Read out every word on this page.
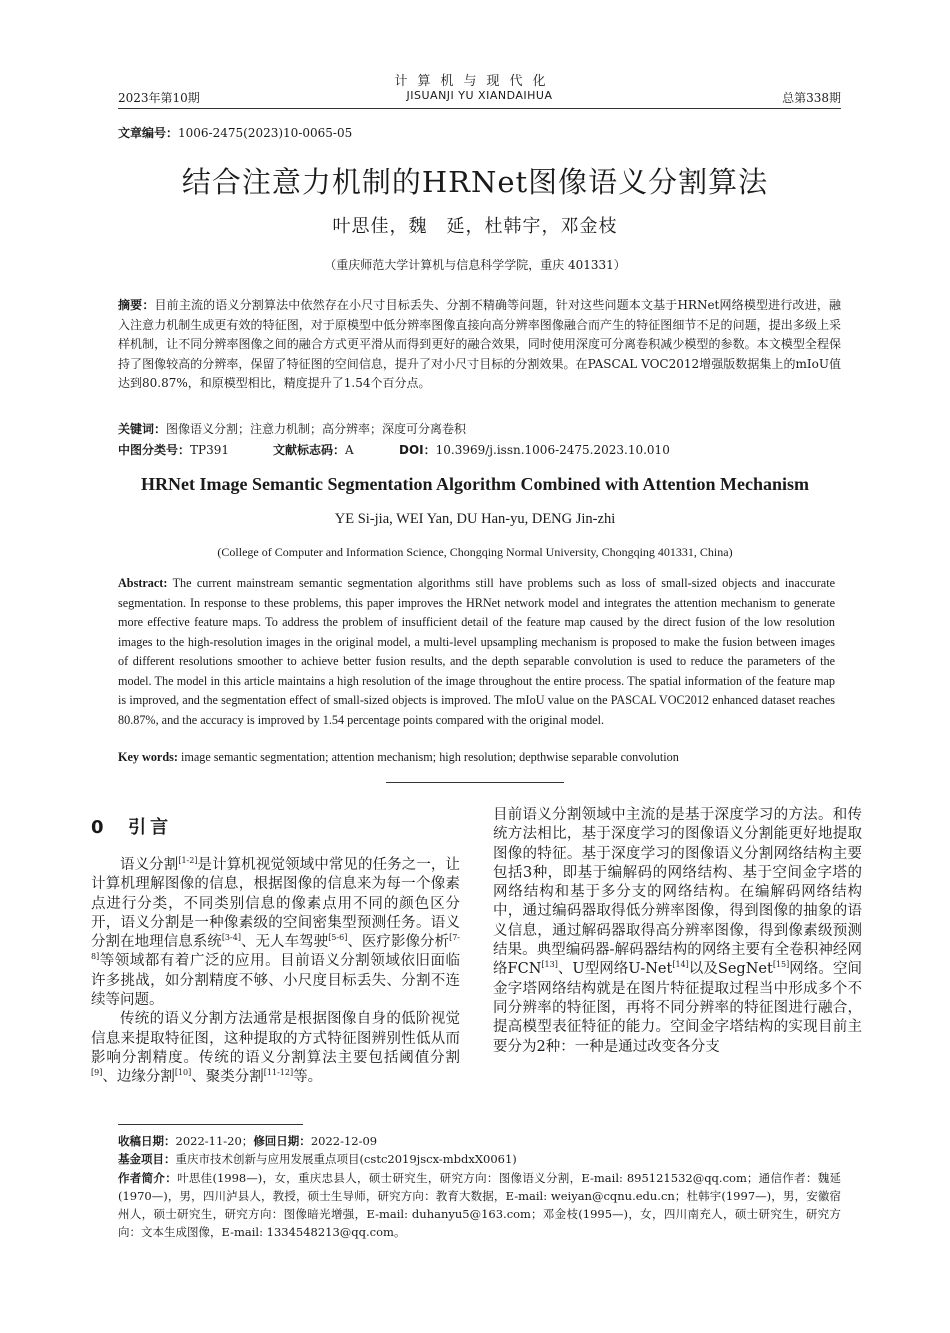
计算机与现代化
2023年第10期	JISUANJI YU XIANDAIHUA	总第338期
文章编号：1006-2475(2023)10-0065-05
结合注意力机制的HRNet图像语义分割算法
叶思佳，魏　延，杜韩宇，邓金枝
（重庆师范大学计算机与信息科学学院，重庆 401331）
摘要：目前主流的语义分割算法中依然存在小尺寸目标丢失、分割不精确等问题，针对这些问题本文基于HRNet网络模型进行改进，融入注意力机制生成更有效的特征图，对于原模型中低分辨率图像直接向高分辨率图像融合而产生的特征图细节不足的问题，提出多级上采样机制，让不同分辨率图像之间的融合方式更平滑从而得到更好的融合效果，同时使用深度可分离卷积减少模型的参数。本文模型全程保持了图像较高的分辨率，保留了特征图的空间信息，提升了对小尺寸目标的分割效果。在PASCAL VOC2012增强版数据集上的mIoU值达到80.87%，和原模型相比，精度提升了1.54个百分点。
关键词：图像语义分割；注意力机制；高分辨率；深度可分离卷积
中图分类号：TP391	文献标志码：A	DOI：10.3969/j.issn.1006-2475.2023.10.010
HRNet Image Semantic Segmentation Algorithm Combined with Attention Mechanism
YE Si-jia, WEI Yan, DU Han-yu, DENG Jin-zhi
(College of Computer and Information Science, Chongqing Normal University, Chongqing 401331, China)
Abstract: The current mainstream semantic segmentation algorithms still have problems such as loss of small-sized objects and inaccurate segmentation. In response to these problems, this paper improves the HRNet network model and integrates the attention mechanism to generate more effective feature maps. To address the problem of insufficient detail of the feature map caused by the direct fusion of the low resolution images to the high-resolution images in the original model, a multi-level upsampling mechanism is proposed to make the fusion between images of different resolutions smoother to achieve better fusion results, and the depth separable convolution is used to reduce the parameters of the model. The model in this article maintains a high resolution of the image throughout the entire process. The spatial information of the feature map is improved, and the segmentation effect of small-sized objects is improved. The mIoU value on the PASCAL VOC2012 enhanced dataset reaches 80.87%, and the accuracy is improved by 1.54 percentage points compared with the original model.
Key words: image semantic segmentation; attention mechanism; high resolution; depthwise separable convolution
0 引言

语义分割[1-2]是计算机视觉领域中常见的任务之一，让计算机理解图像的信息，根据图像的信息来为每一个像素点进行分类，不同类别信息的像素点用不同的颜色区分开，语义分割是一种像素级的空间密集型预测任务。语义分割在地理信息系统[3-4]、无人车驾驶[5-6]、医疗影像分析[7-8]等领域都有着广泛的应用。目前语义分割领域依旧面临许多挑战，如分割精度不够、小尺度目标丢失、分割不连续等问题。

传统的语义分割方法通常是根据图像自身的低阶视觉信息来提取特征图，这种提取的方式特征图辨别性低从而影响分割精度。传统的语义分割算法主要包括阈值分割[9]、边缘分割[10]、聚类分割[11-12]等。

目前语义分割领域中主流的是基于深度学习的方法。和传统方法相比，基于深度学习的图像语义分割能更好地提取图像的特征。基于深度学习的图像语义分割网络结构主要包括3种，即基于编解码的网络结构、基于空间金字塔的网络结构和基于多分支的网络结构。在编解码网络结构中，通过编码器取得低分辨率图像，得到图像的抽象的语义信息，通过解码器取得高分辨率图像，得到像素级预测结果。典型编码器-解码器结构的网络主要有全卷积神经网络FCN[13]、U型网络U-Net[14]以及SegNet[15]网络。空间金字塔网络结构就是在图片特征提取过程当中形成多个不同分辨率的特征图，再将不同分辨率的特征图进行融合，提高模型表征特征的能力。空间金字塔结构的实现目前主要分为2种：一种是通过改变各分支

收稿日期：2022-11-20；修回日期：2022-12-09
基金项目：重庆市技术创新与应用发展重点项目(cstc2019jscx-mbdxX0061)
作者简介：叶思佳(1998—)，女，重庆忠县人，硕士研究生，研究方向：图像语义分割，E-mail: 895121532@qq.com；通信作者：魏延(1970—)，男，四川泸县人，教授，硕士生导师，研究方向：教育大数据，E-mail: weiyan@cqnu.edu.cn；杜韩宇(1997—)，男，安徽宿州人，硕士研究生，研究方向：图像暗光增强，E-mail: duhanyu5@163.com；邓金枝(1995—)，女，四川南充人，硕士研究生，研究方向：文本生成图像，E-mail: 1334548213@qq.com。
